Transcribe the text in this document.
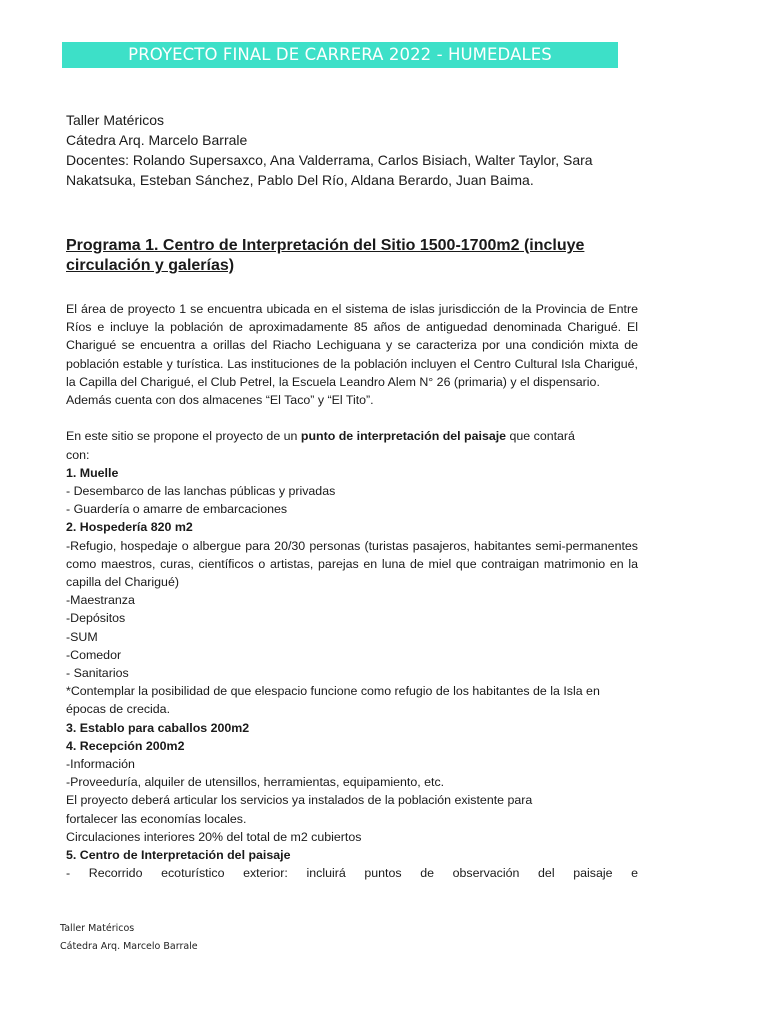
PROYECTO FINAL DE CARRERA 2022 - HUMEDALES
Taller Matéricos
Cátedra Arq. Marcelo Barrale
Docentes: Rolando Supersaxco, Ana Valderrama, Carlos Bisiach, Walter Taylor, Sara
Nakatsuka, Esteban Sánchez, Pablo Del Río, Aldana Berardo, Juan Baima.
Programa 1. Centro de Interpretación del Sitio 1500-1700m2 (incluye
circulación y galerías)
El área de proyecto 1 se encuentra ubicada en el sistema de islas jurisdicción de la Provincia de Entre Ríos e incluye la población de aproximadamente 85 años de antiguedad denominada Charigué. El Charigué se encuentra a orillas del Riacho Lechiguana y se caracteriza por una condición mixta de población estable y turística. Las instituciones de la población incluyen el Centro Cultural Isla Charigué, la Capilla del Charigué, el Club Petrel, la Escuela Leandro Alem N° 26 (primaria) y el dispensario.
Además cuenta con dos almacenes “El Taco” y “El Tito”.
En este sitio se propone el proyecto de un punto de interpretación del paisaje que contará
con:
1. Muelle
- Desembarco de las lanchas públicas y privadas
- Guardería o amarre de embarcaciones
2. Hospedería 820 m2
-Refugio, hospedaje o albergue para 20/30 personas (turistas pasajeros, habitantes semi-permanentes como maestros, curas, científicos o artistas, parejas en luna de miel que contraigan matrimonio en la capilla del Charigué)
-Maestranza
-Depósitos
-SUM
-Comedor
- Sanitarios
*Contemplar la posibilidad de que elespacio funcione como refugio de los habitantes de la Isla en épocas de crecida.
3. Establo para caballos 200m2
4. Recepción 200m2
-Información
-Proveeduría, alquiler de utensillos, herramientas, equipamiento, etc.
El proyecto deberá articular los servicios ya instalados de la población existente para
fortalecer las economías locales.
Circulaciones interiores 20% del total de m2 cubiertos
5. Centro de Interpretación del paisaje
- Recorrido ecoturístico exterior: incluirá puntos de observación del paisaje e
Taller Matéricos
Cátedra Arq. Marcelo Barrale
